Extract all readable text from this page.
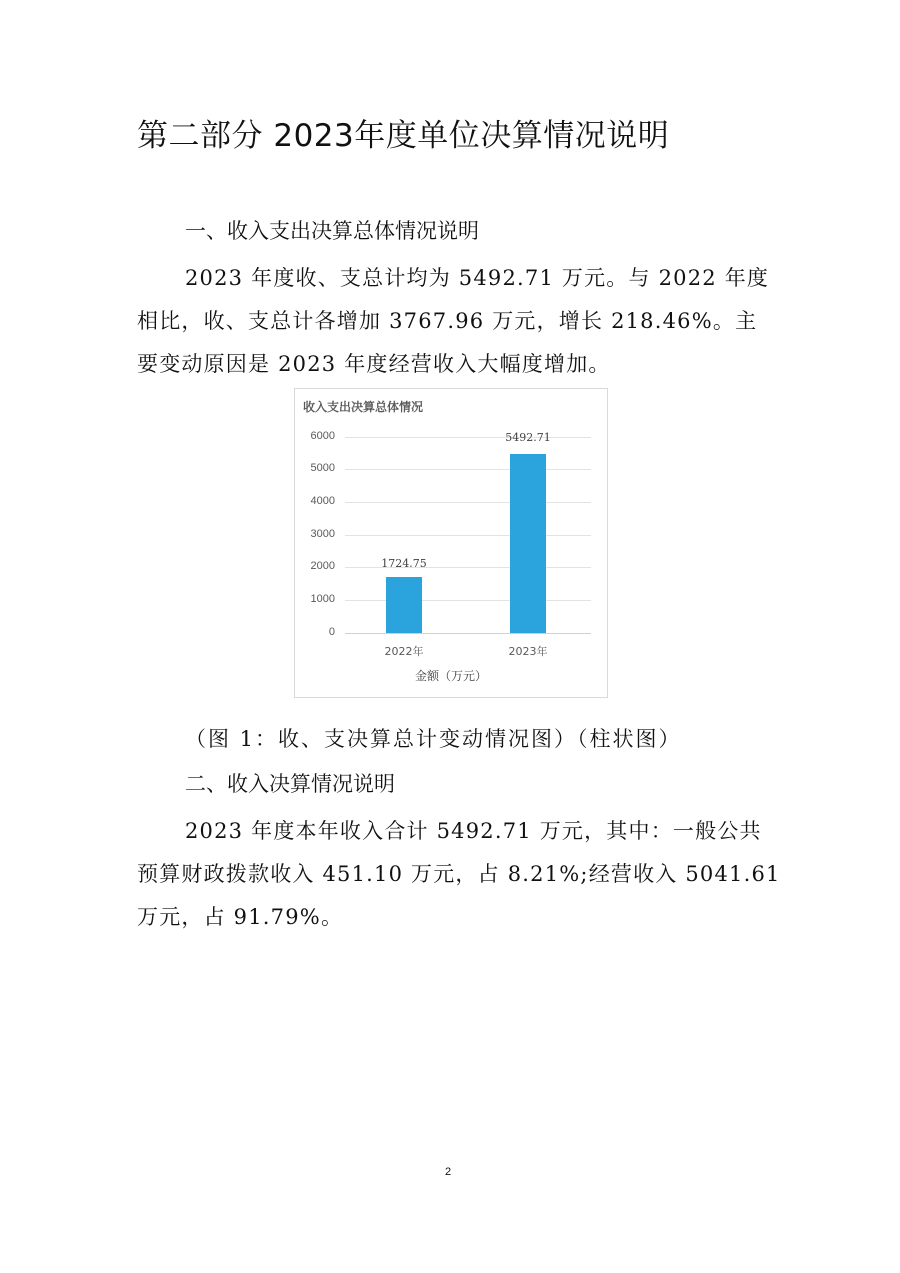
第二部分 2023年度单位决算情况说明
一、收入支出决算总体情况说明
2023 年度收、支总计均为 5492.71 万元。与 2022 年度
相比，收、支总计各增加 3767.96 万元，增长 218.46%。主
要变动原因是 2023 年度经营收入大幅度增加。
收入支出决算总体情况
6000
5000
4000
3000
2000
1000
0
1724.75
5492.71
2022年	2023年
金额（万元）
（图 1：收、支决算总计变动情况图）（柱状图）
二、收入决算情况说明
2023 年度本年收入合计 5492.71 万元，其中：一般公共
预算财政拨款收入 451.10 万元，占 8.21%;经营收入 5041.61
万元，占 91.79%。
2
